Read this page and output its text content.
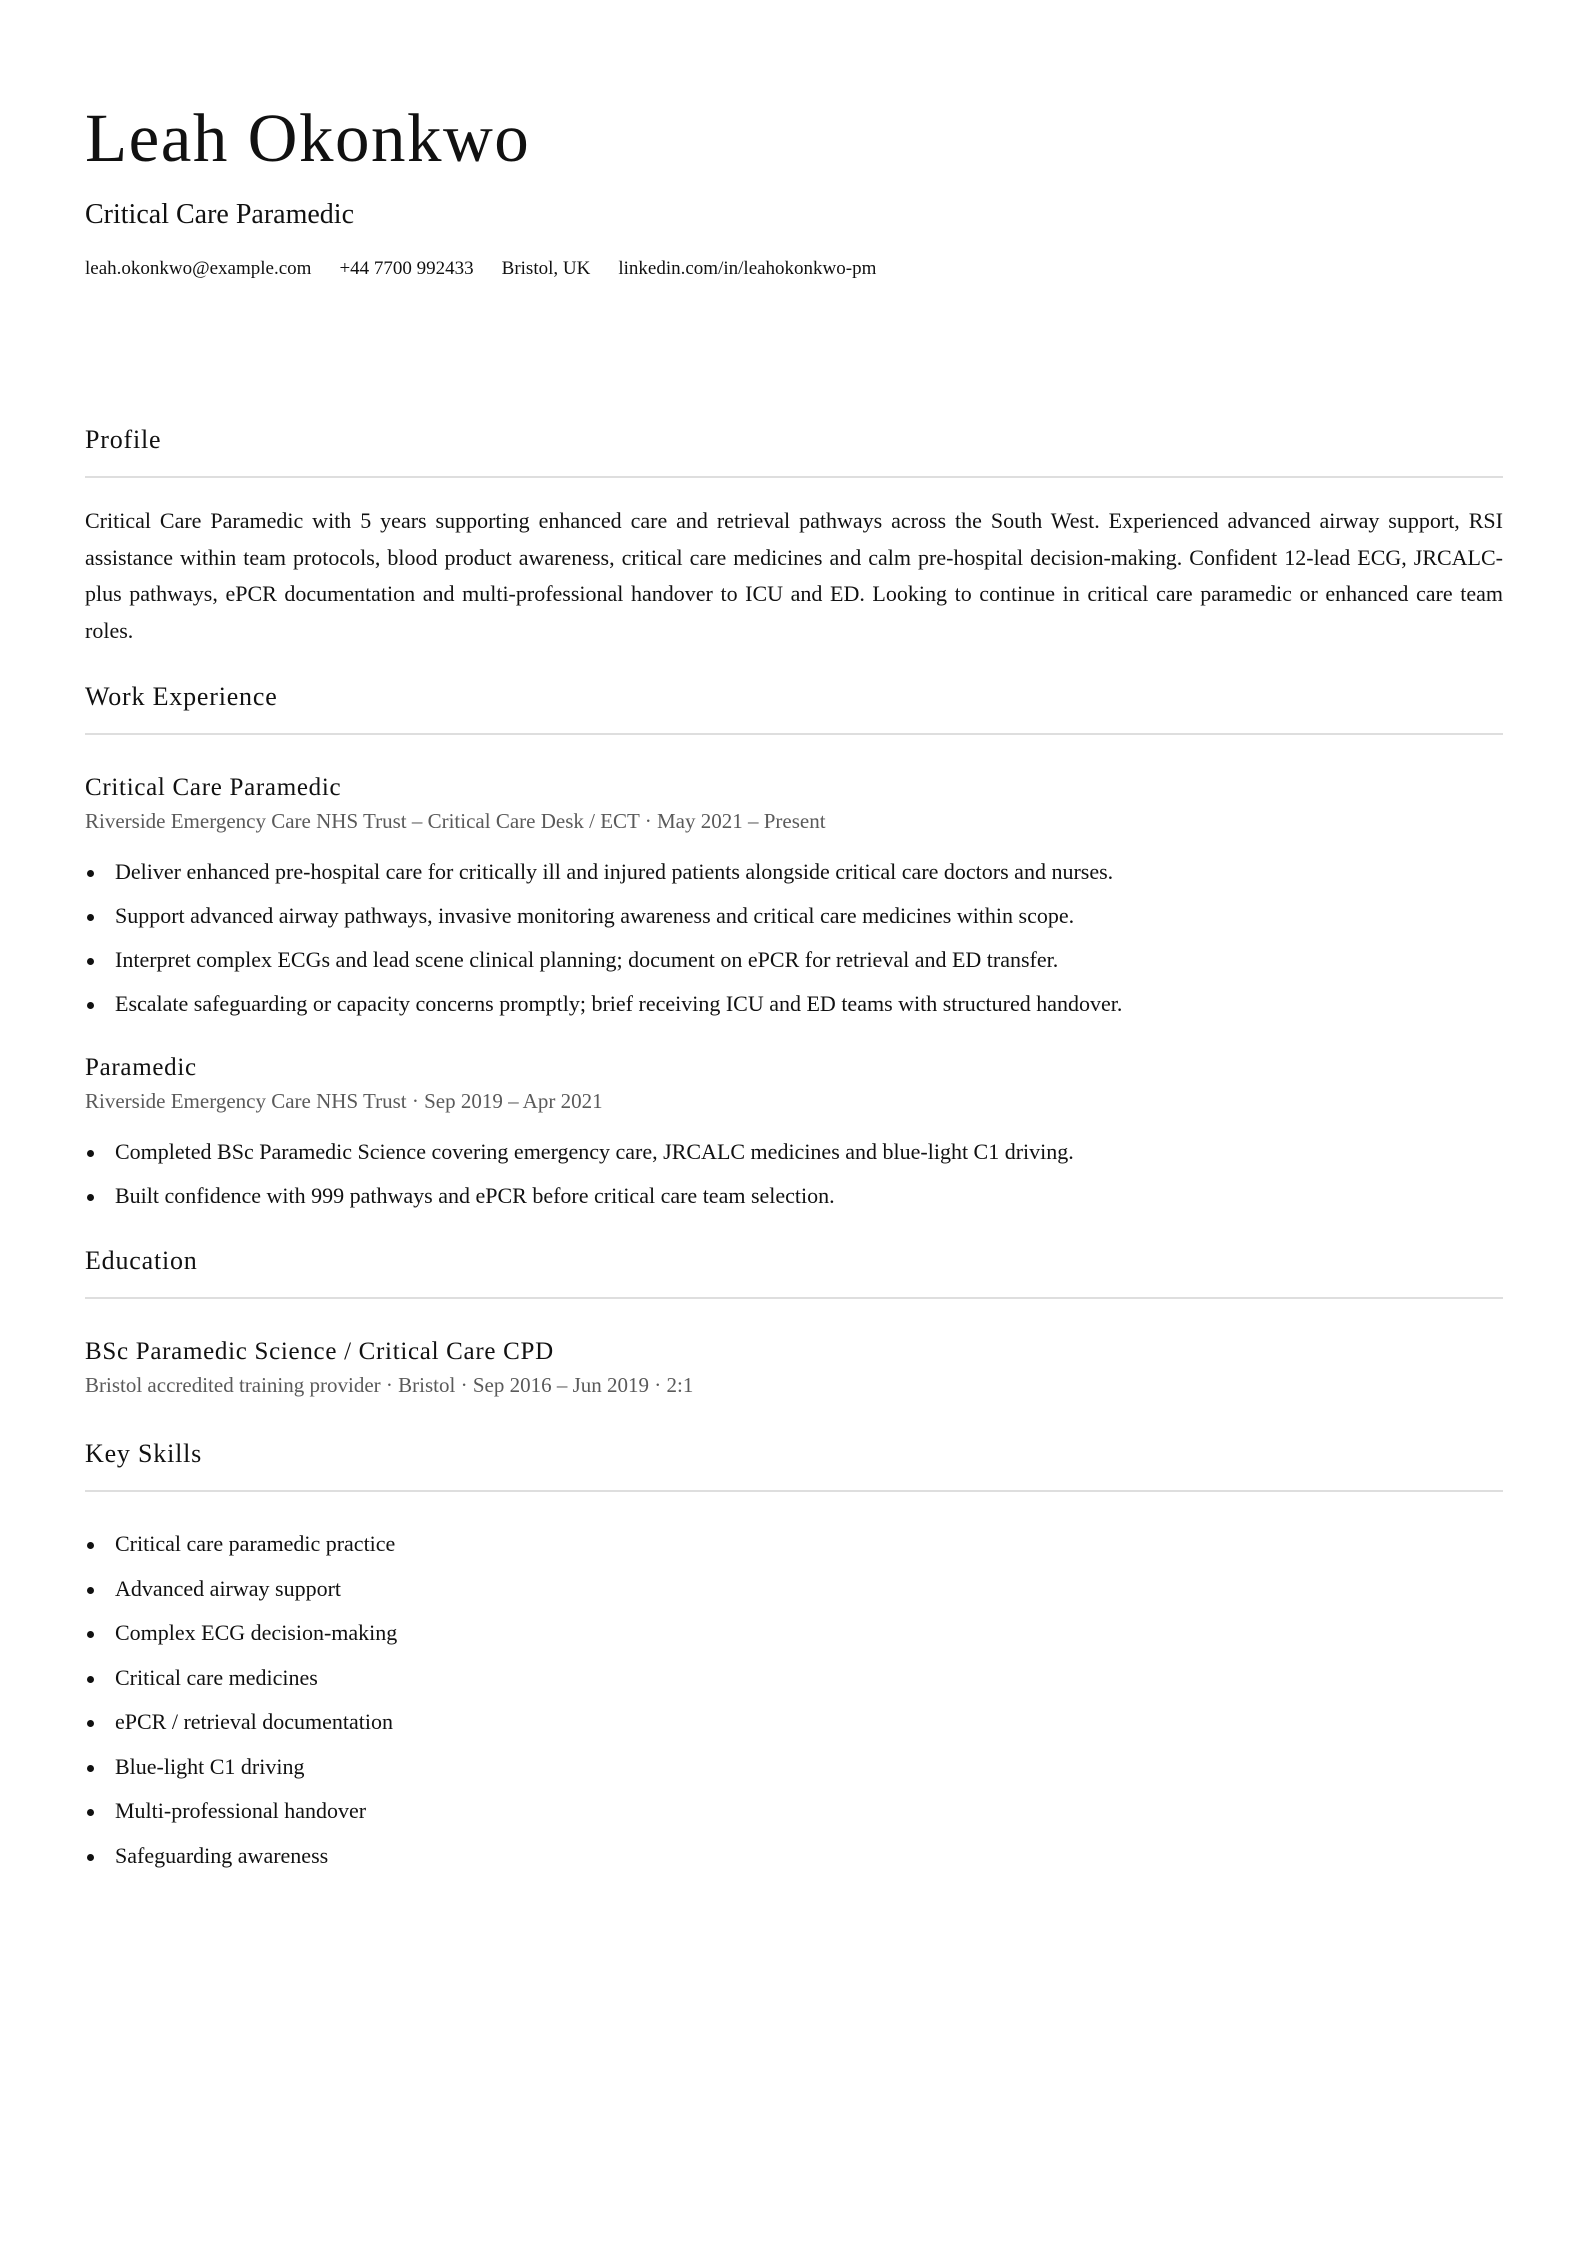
Leah Okonkwo
Critical Care Paramedic
leah.okonkwo@example.com +44 7700 992433 Bristol, UK linkedin.com/in/leahokonkwo-pm
Profile

Critical Care Paramedic with 5 years supporting enhanced care and retrieval pathways across the South West. Experienced advanced airway support, RSI assistance within team protocols, blood product awareness, critical care medicines and calm pre-hospital decision-making. Confident 12-lead ECG, JRCALC-plus pathways, ePCR documentation and multi-professional handover to ICU and ED. Looking to continue in critical care paramedic or enhanced care team roles.

Work Experience
Critical Care Paramedic
Riverside Emergency Care NHS Trust – Critical Care Desk / ECT · May 2021 – Present
Deliver enhanced pre-hospital care for critically ill and injured patients alongside critical care doctors and nurses.
Support advanced airway pathways, invasive monitoring awareness and critical care medicines within scope.
Interpret complex ECGs and lead scene clinical planning; document on ePCR for retrieval and ED transfer.
Escalate safeguarding or capacity concerns promptly; brief receiving ICU and ED teams with structured handover.
Paramedic
Riverside Emergency Care NHS Trust · Sep 2019 – Apr 2021
Completed BSc Paramedic Science covering emergency care, JRCALC medicines and blue-light C1 driving.
Built confidence with 999 pathways and ePCR before critical care team selection.
Education
BSc Paramedic Science / Critical Care CPD
Bristol accredited training provider · Bristol · Sep 2016 – Jun 2019 · 2:1
Key Skills
Critical care paramedic practice
Advanced airway support
Complex ECG decision-making
Critical care medicines
ePCR / retrieval documentation
Blue-light C1 driving
Multi-professional handover
Safeguarding awareness
